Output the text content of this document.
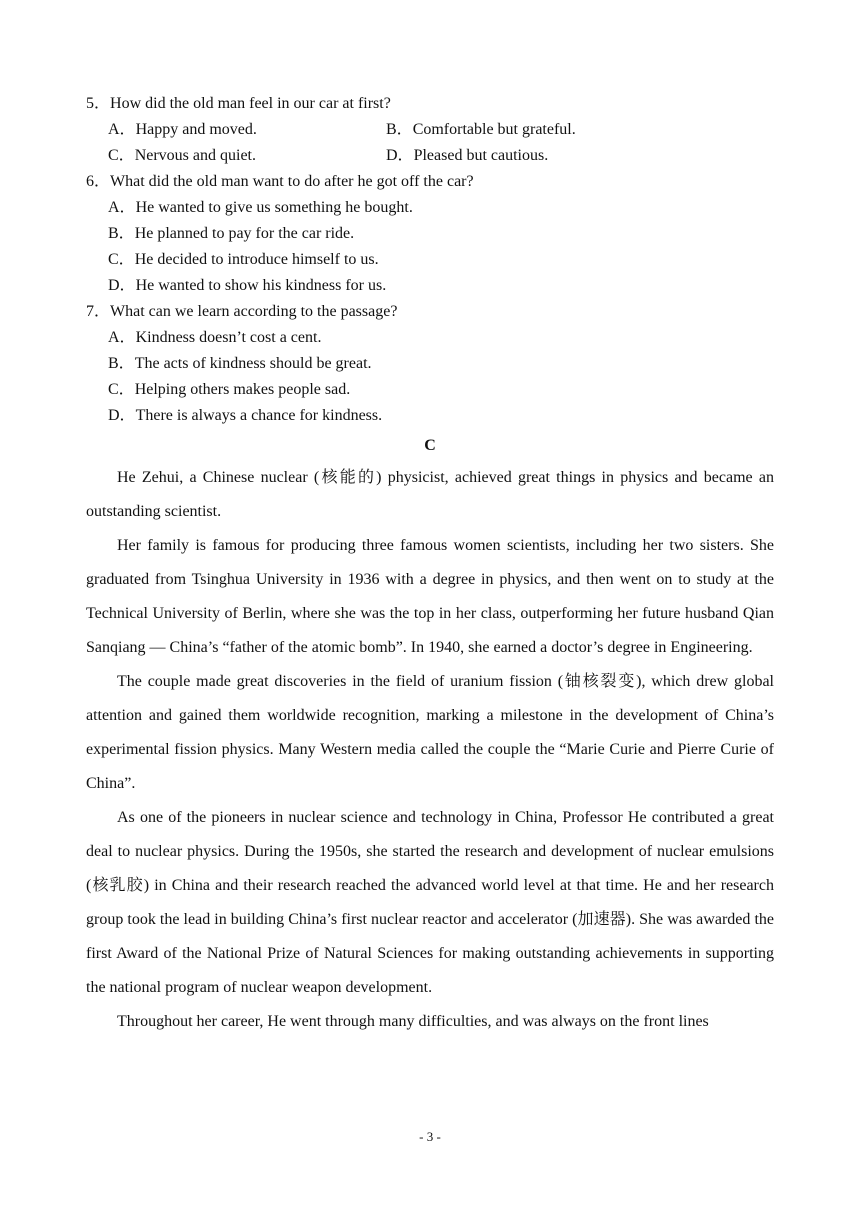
5．How did the old man feel in our car at first?
A．Happy and moved.	B．Comfortable but grateful.
C．Nervous and quiet.	D．Pleased but cautious.
6．What did the old man want to do after he got off the car?
A．He wanted to give us something he bought.
B．He planned to pay for the car ride.
C．He decided to introduce himself to us.
D．He wanted to show his kindness for us.
7．What can we learn according to the passage?
A．Kindness doesn’t cost a cent.
B．The acts of kindness should be great.
C．Helping others makes people sad.
D．There is always a chance for kindness.
C

He Zehui, a Chinese nuclear (核能的) physicist, achieved great things in physics and became an outstanding scientist.

Her family is famous for producing three famous women scientists, including her two sisters. She graduated from Tsinghua University in 1936 with a degree in physics, and then went on to study at the Technical University of Berlin, where she was the top in her class, outperforming her future husband Qian Sanqiang — China’s “father of the atomic bomb”. In 1940, she earned a doctor’s degree in Engineering.

The couple made great discoveries in the field of uranium fission (铀核裂变), which drew global attention and gained them worldwide recognition, marking a milestone in the development of China’s experimental fission physics. Many Western media called the couple the “Marie Curie and Pierre Curie of China”.

As one of the pioneers in nuclear science and technology in China, Professor He contributed a great deal to nuclear physics. During the 1950s, she started the research and development of nuclear emulsions (核乳胶) in China and their research reached the advanced world level at that time. He and her research group took the lead in building China’s first nuclear reactor and accelerator (加速器). She was awarded the first Award of the National Prize of Natural Sciences for making outstanding achievements in supporting the national program of nuclear weapon development.

Throughout her career, He went through many difficulties, and was always on the front lines

- 3 -
